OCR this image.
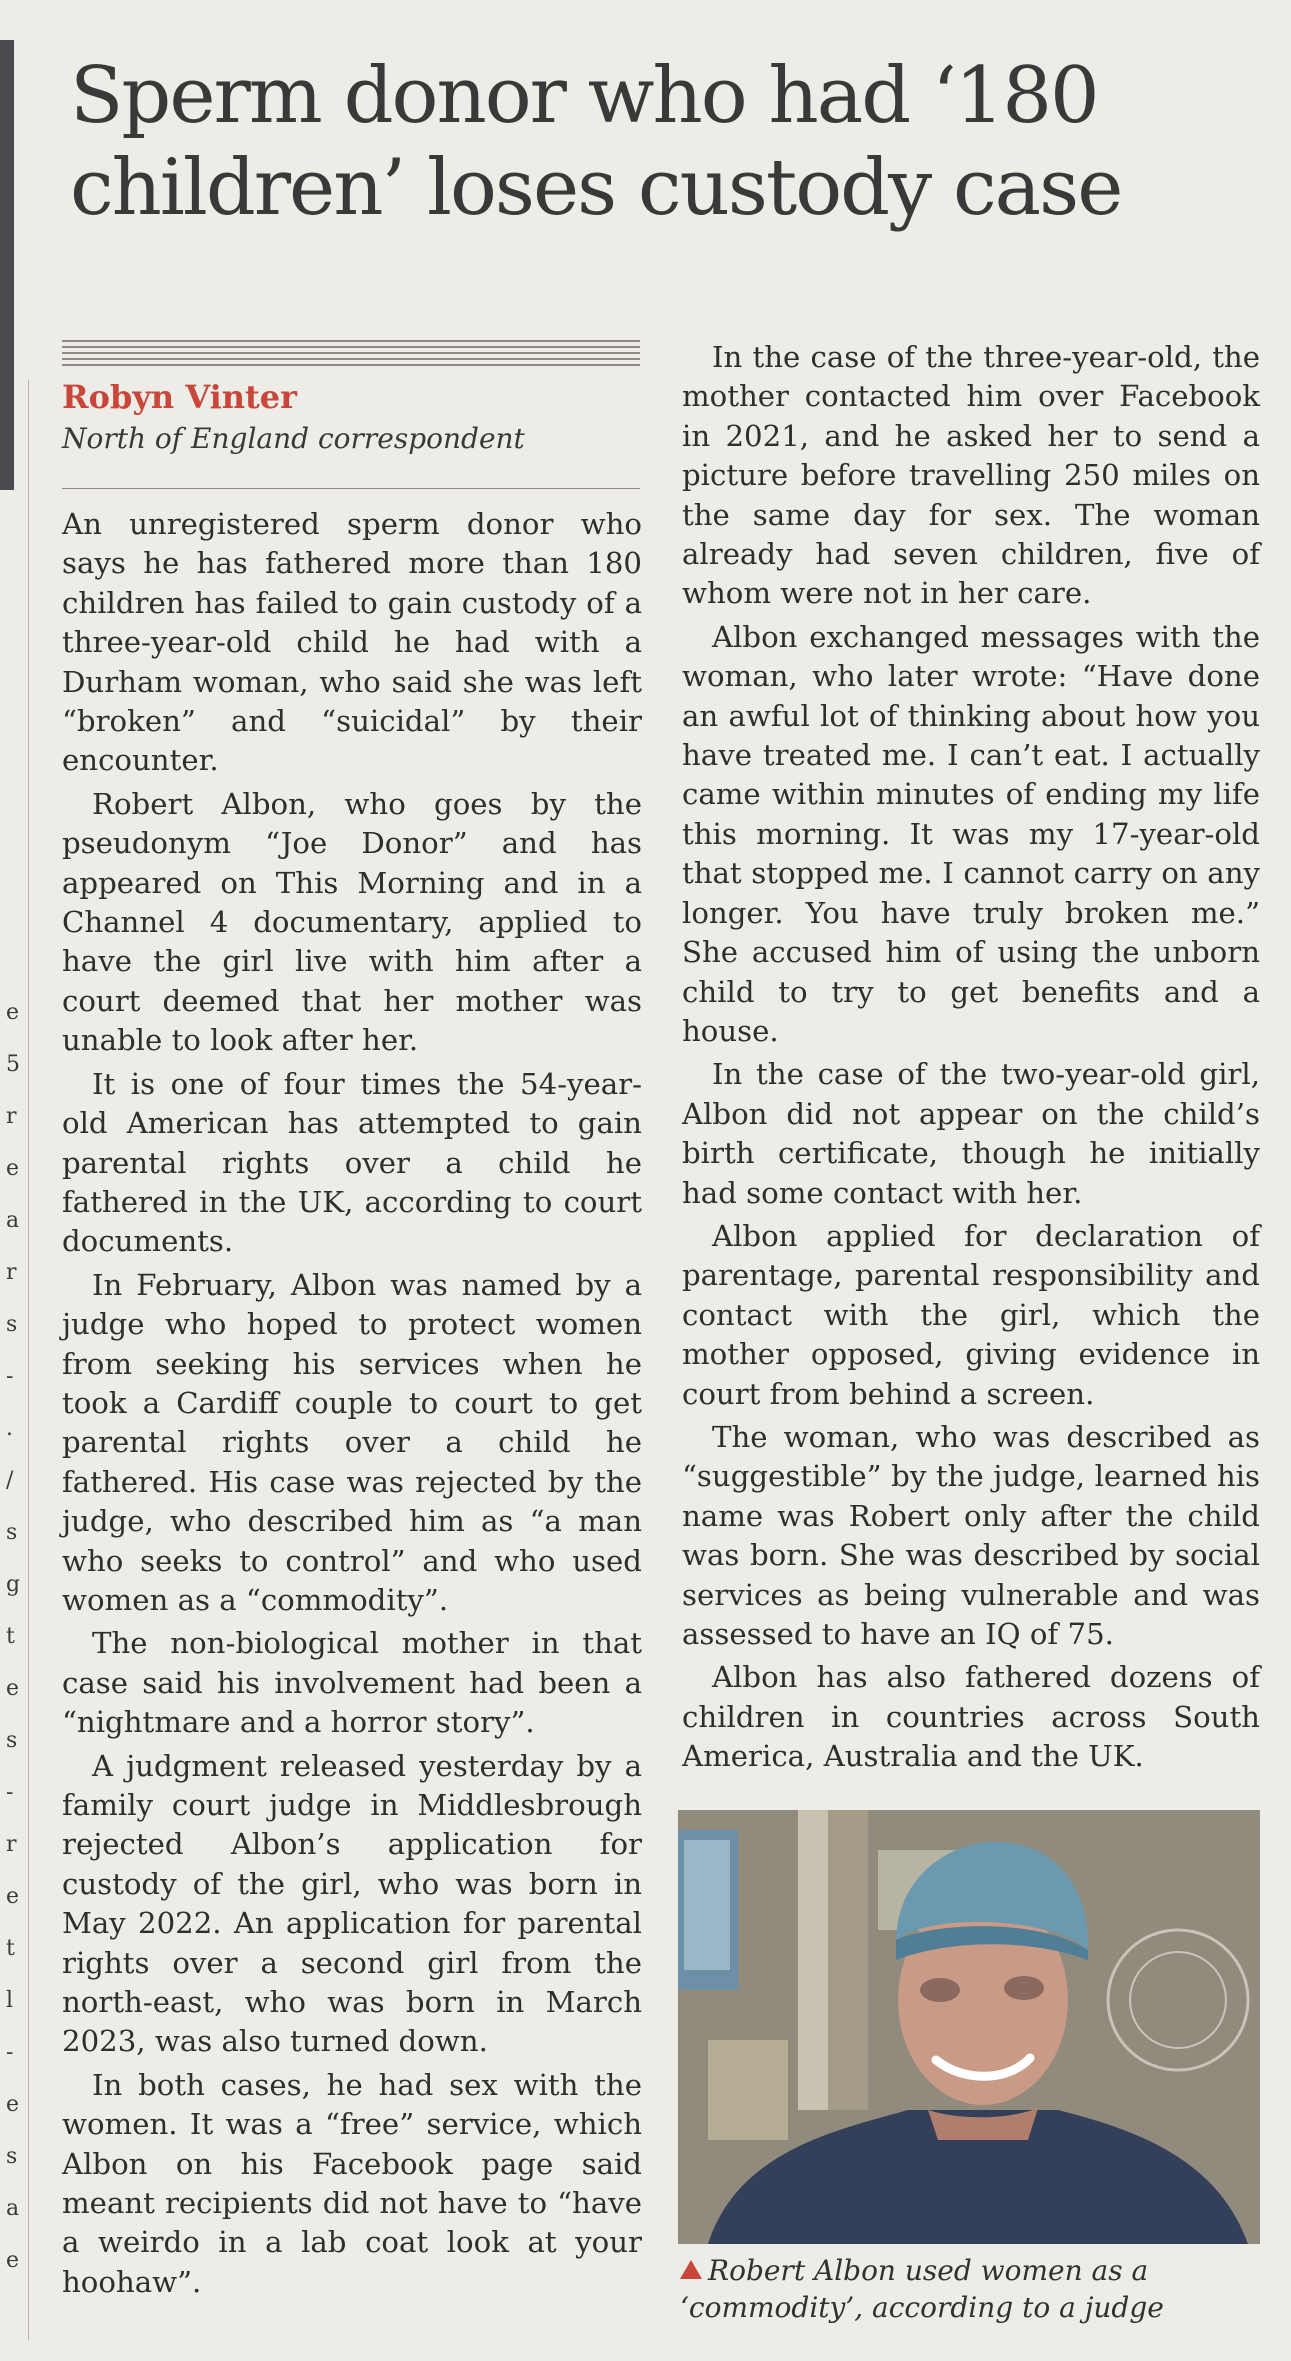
e
5
r
e
a
r
s
-
.
/
s
g
t
e
s
-
r
e
t
l
-
e
s
a
e
Sperm donor who had ‘180 children’ loses custody case
Robyn Vinter
North of England correspondent

An unregistered sperm donor who says he has fathered more than 180 children has failed to gain custody of a three-year-old child he had with a Durham woman, who said she was left “broken” and “suicidal” by their encounter.

Robert Albon, who goes by the pseudonym “Joe Donor” and has appeared on This Morning and in a Channel 4 documentary, applied to have the girl live with him after a court deemed that her mother was unable to look after her.

It is one of four times the 54-year-old American has attempted to gain parental rights over a child he fathered in the UK, according to court documents.

In February, Albon was named by a judge who hoped to protect women from seeking his services when he took a Cardiff couple to court to get parental rights over a child he fathered. His case was rejected by the judge, who described him as “a man who seeks to control” and who used women as a “commodity”.

The non-biological mother in that case said his involvement had been a “nightmare and a horror story”.

A judgment released yesterday by a family court judge in Middlesbrough rejected Albon’s application for custody of the girl, who was born in May 2022. An application for parental rights over a second girl from the north-east, who was born in March 2023, was also turned down.

In both cases, he had sex with the women. It was a “free” service, which Albon on his Facebook page said meant recipients did not have to “have a weirdo in a lab coat look at your hoohaw”.

In the case of the three-year-old, the mother contacted him over Facebook in 2021, and he asked her to send a picture before travelling 250 miles on the same day for sex. The woman already had seven children, five of whom were not in her care.

Albon exchanged messages with the woman, who later wrote: “Have done an awful lot of thinking about how you have treated me. I can’t eat. I actually came within minutes of ending my life this morning. It was my 17-year-old that stopped me. I cannot carry on any longer. You have truly broken me.” She accused him of using the unborn child to try to get benefits and a house.

In the case of the two-year-old girl, Albon did not appear on the child’s birth certificate, though he initially had some contact with her.

Albon applied for declaration of parentage, parental responsibility and contact with the girl, which the mother opposed, giving evidence in court from behind a screen.

The woman, who was described as “suggestible” by the judge, learned his name was Robert only after the child was born. She was described by social services as being vulnerable and was assessed to have an IQ of 75.

Albon has also fathered dozens of children in countries across South America, Australia and the UK.

Robert Albon used women as a ‘commodity’, according to a judge
